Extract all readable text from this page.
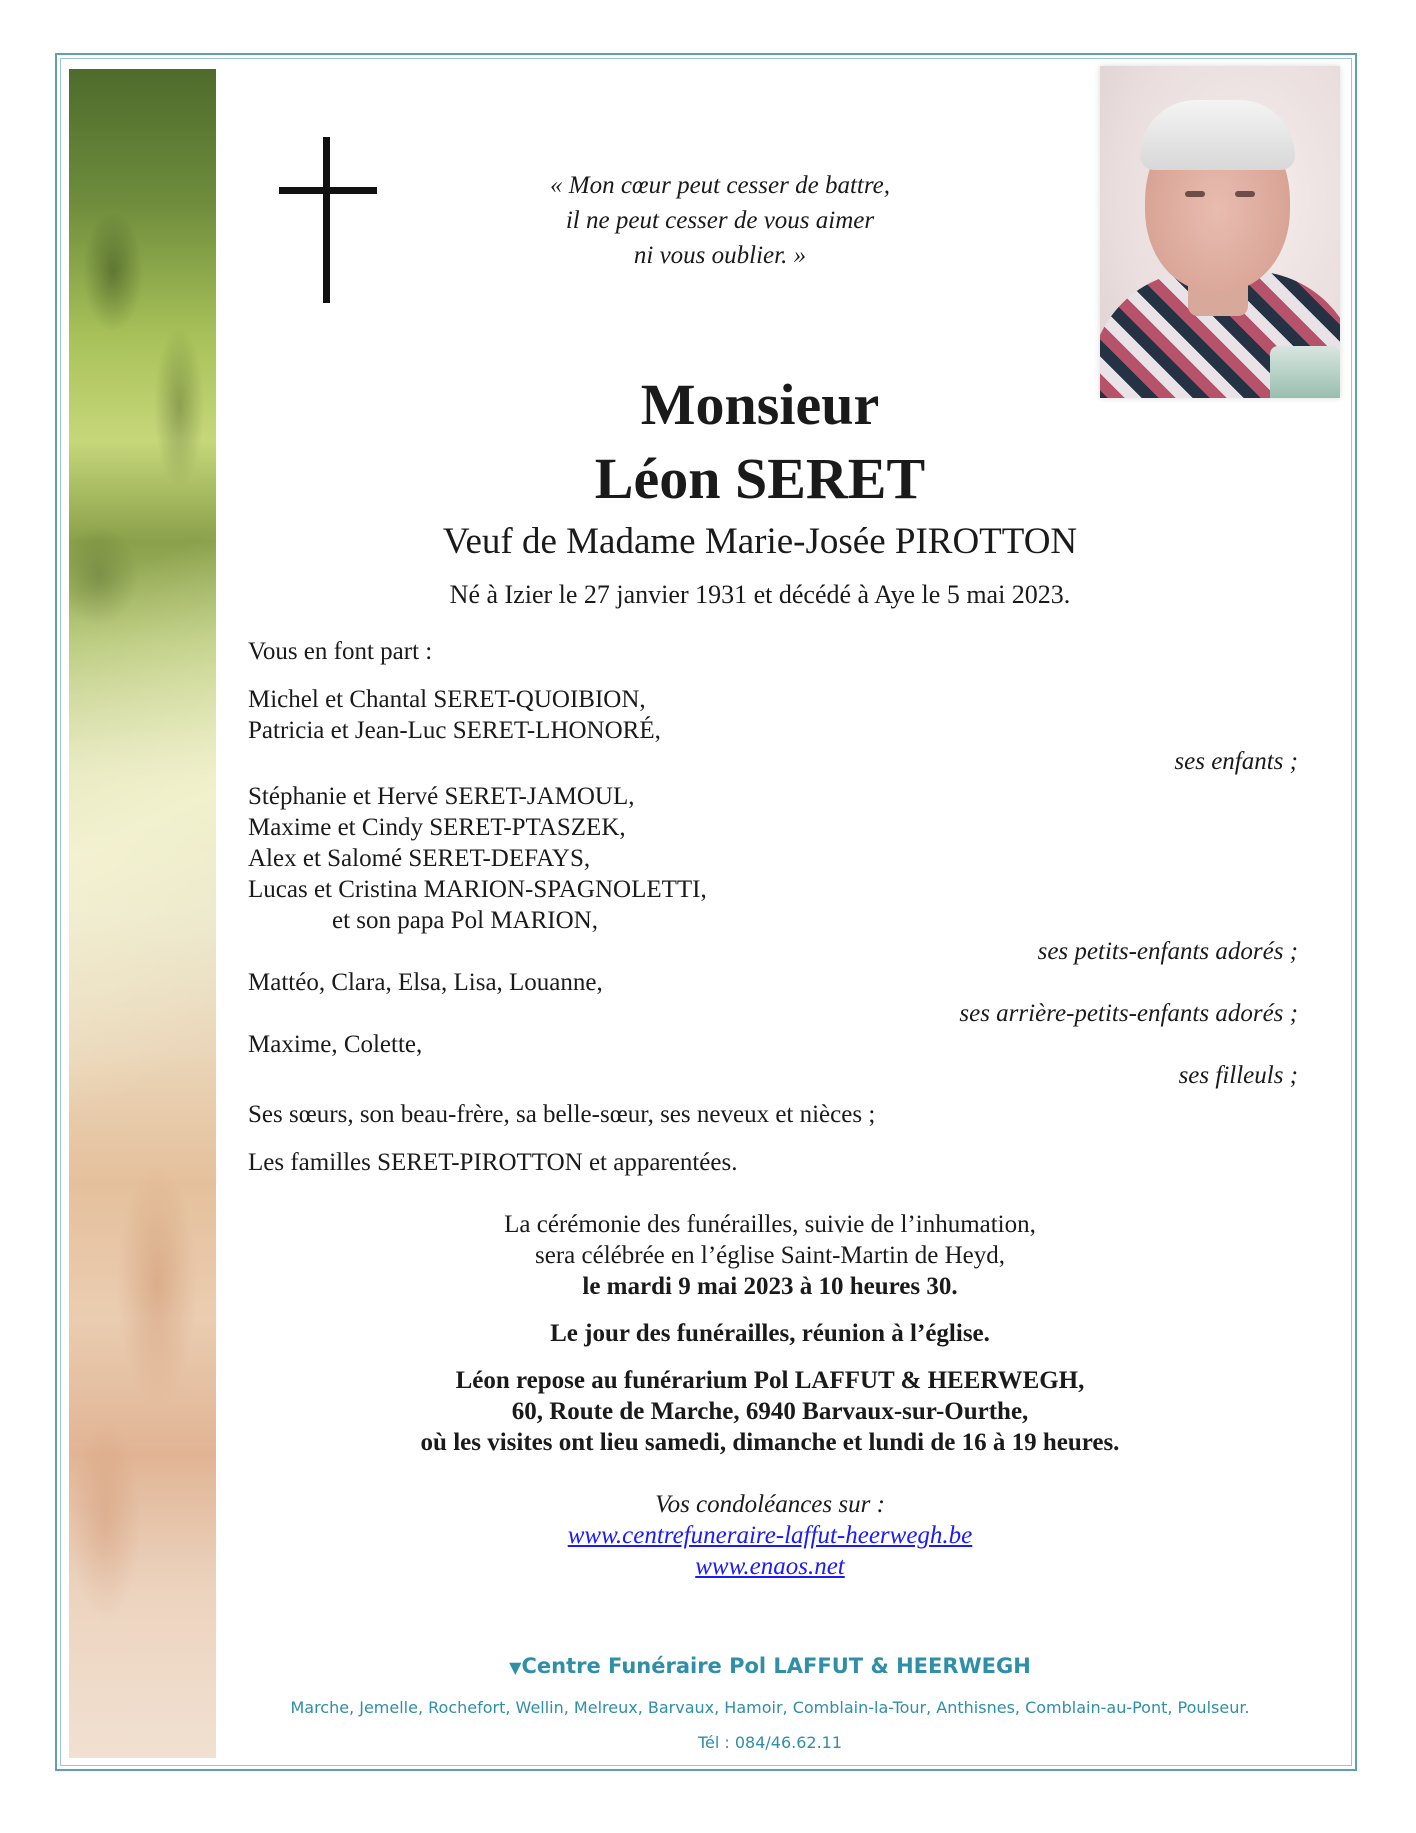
« Mon cœur peut cesser de battre,
il ne peut cesser de vous aimer
ni vous oublier. »
Monsieur
Léon SERET
Veuf de Madame Marie-Josée PIROTTON
Né à Izier le 27 janvier 1931 et décédé à Aye le 5 mai 2023.
Vous en font part :
Michel et Chantal SERET-QUOIBION,
Patricia et Jean-Luc SERET-LHONORÉ,
ses enfants ;
Stéphanie et Hervé SERET-JAMOUL,
Maxime et Cindy SERET-PTASZEK,
Alex et Salomé SERET-DEFAYS,
Lucas et Cristina MARION-SPAGNOLETTI,
et son papa Pol MARION,
ses petits-enfants adorés ;
Mattéo, Clara, Elsa, Lisa, Louanne,
ses arrière-petits-enfants adorés ;
Maxime, Colette,
ses filleuls ;
Ses sœurs, son beau-frère, sa belle-sœur, ses neveux et nièces ;
Les familles SERET-PIROTTON et apparentées.
La cérémonie des funérailles, suivie de l’inhumation,
sera célébrée en l’église Saint-Martin de Heyd,
le mardi 9 mai 2023 à 10 heures 30.
Le jour des funérailles, réunion à l’église.
Léon repose au funérarium Pol LAFFUT & HEERWEGH,
60, Route de Marche, 6940 Barvaux-sur-Ourthe,
où les visites ont lieu samedi, dimanche et lundi de 16 à 19 heures.
Vos condoléances sur :
www.centrefuneraire-laffut-heerwegh.be
www.enaos.net
▼Centre Funéraire Pol LAFFUT & HEERWEGH
Marche, Jemelle, Rochefort, Wellin, Melreux, Barvaux, Hamoir, Comblain-la-Tour, Anthisnes, Comblain-au-Pont, Poulseur.
Tél : 084/46.62.11
